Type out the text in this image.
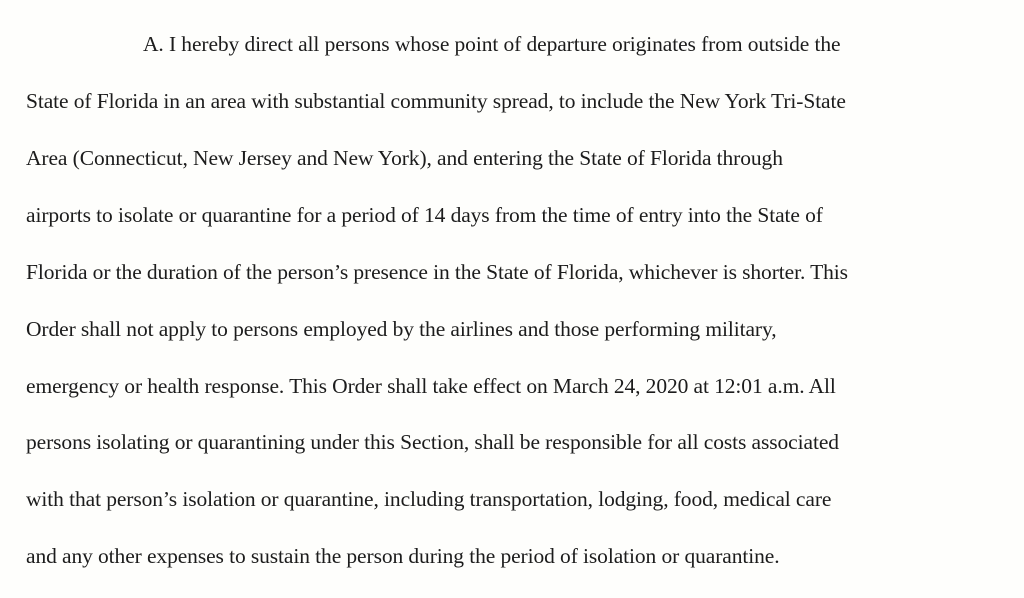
A. I hereby direct all persons whose point of departure originates from outside the
State of Florida in an area with substantial community spread, to include the New York Tri-State
Area (Connecticut, New Jersey and New York), and entering the State of Florida through
airports to isolate or quarantine for a period of 14 days from the time of entry into the State of
Florida or the duration of the person’s presence in the State of Florida, whichever is shorter. This
Order shall not apply to persons employed by the airlines and those performing military,
emergency or health response. This Order shall take effect on March 24, 2020 at 12:01 a.m. All
persons isolating or quarantining under this Section, shall be responsible for all costs associated
with that person’s isolation or quarantine, including transportation, lodging, food, medical care
and any other expenses to sustain the person during the period of isolation or quarantine.
